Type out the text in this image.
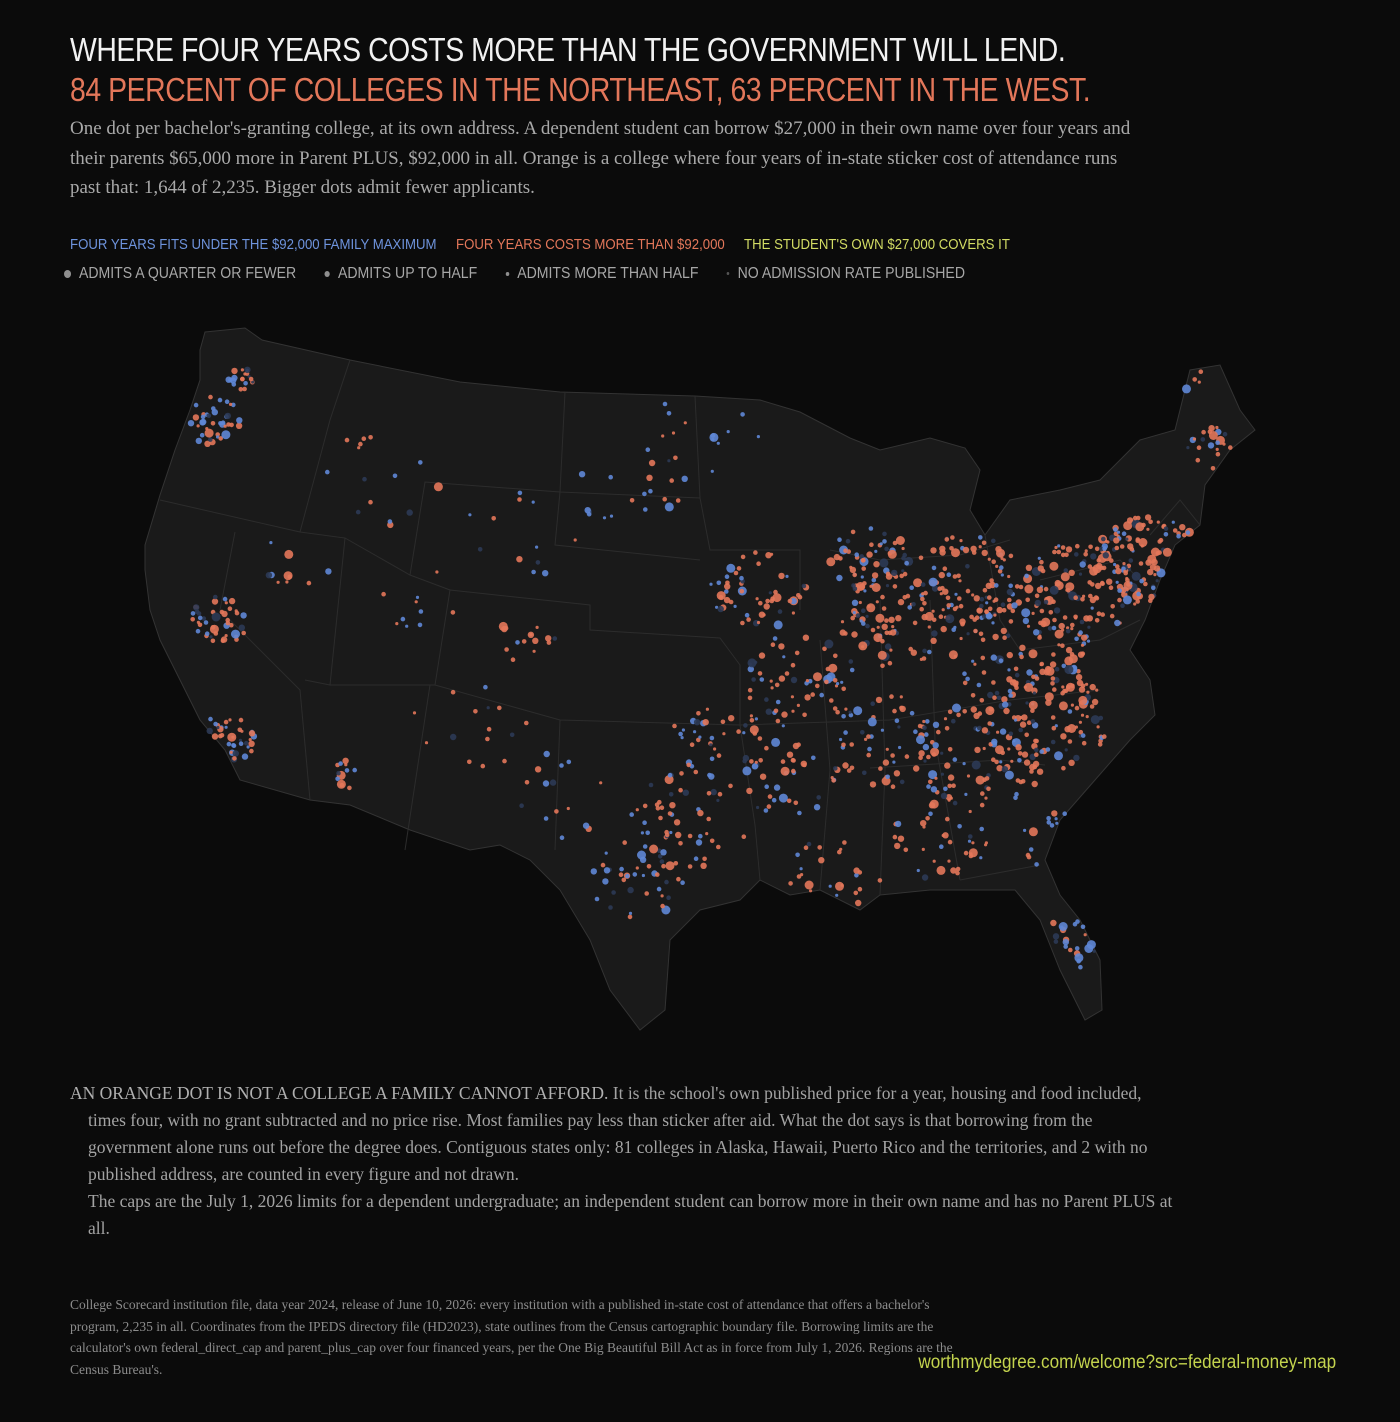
WHERE FOUR YEARS COSTS MORE THAN THE GOVERNMENT WILL LEND.
84 PERCENT OF COLLEGES IN THE NORTHEAST, 63 PERCENT IN THE WEST.

One dot per bachelor's-granting college, at its own address. A dependent student can borrow $27,000 in their own name over four years and their parents $65,000 more in Parent PLUS, $92,000 in all. Orange is a college where four years of in-state sticker cost of attendance runs past that: 1,644 of 2,235. Bigger dots admit fewer applicants.

FOUR YEARS FITS UNDER THE $92,000 FAMILY MAXIMUM FOUR YEARS COSTS MORE THAN $92,000 THE STUDENT'S OWN $27,000 COVERS IT
ADMITS A QUARTER OR FEWER	ADMITS UP TO HALF ADMITS MORE THAN HALF NO ADMISSION RATE PUBLISHED

AN ORANGE DOT IS NOT A COLLEGE A FAMILY CANNOT AFFORD. It is the school's own published price for a year, housing and food included, times four, with no grant subtracted and no price rise. Most families pay less than sticker after aid. What the dot says is that borrowing from the government alone runs out before the degree does. Contiguous states only: 81 colleges in Alaska, Hawaii, Puerto Rico and the territories, and 2 with no published address, are counted in every figure and not drawn.

The caps are the July 1, 2026 limits for a dependent undergraduate; an independent student can borrow more in their own name and has no Parent PLUS at all.

College Scorecard institution file, data year 2024, release of June 10, 2026: every institution with a published in-state cost of attendance that offers a bachelor's program, 2,235 in all. Coordinates from the IPEDS directory file (HD2023), state outlines from the Census cartographic boundary file. Borrowing limits are the calculator's own federal_direct_cap and parent_plus_cap over four financed years, per the One Big Beautiful Bill Act as in force from July 1, 2026. Regions are the Census Bureau's.	worthmydegree.com/welcome?src=federal-money-map
